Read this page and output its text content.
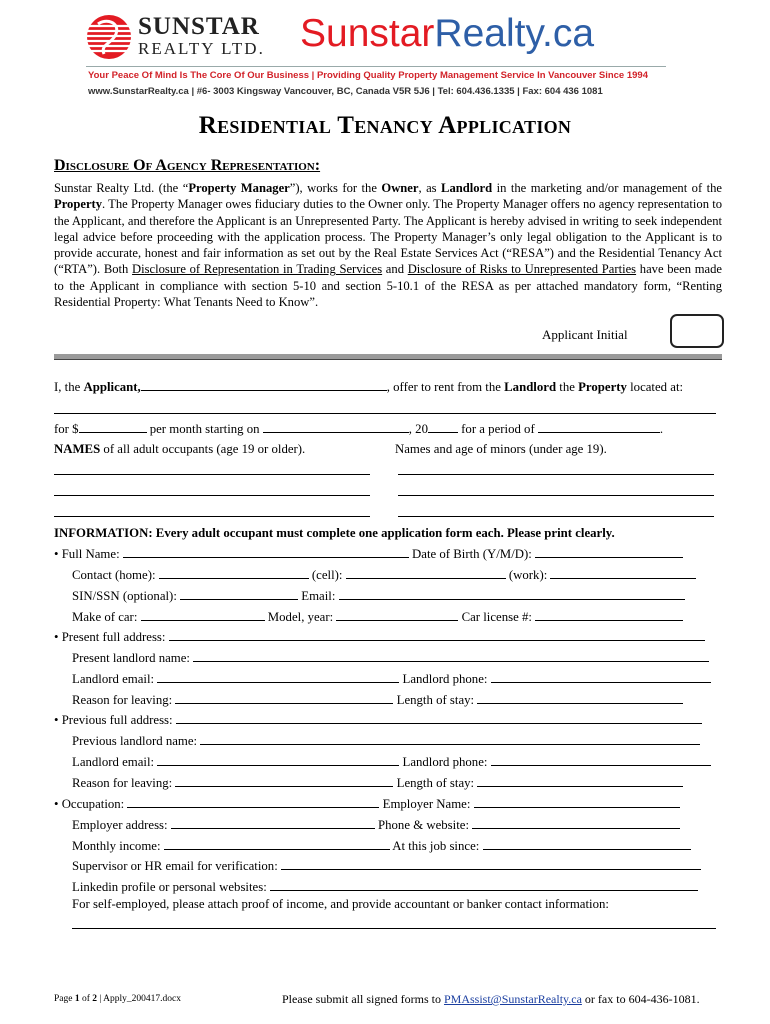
SUNSTAR
REALTY LTD. SunstarRealty.ca
Your Peace Of Mind Is The Core Of Our Business | Providing Quality Property Management Service In Vancouver Since 1994
www.SunstarRealty.ca | #6- 3003 Kingsway Vancouver, BC, Canada V5R 5J6 | Tel: 604.436.1335 | Fax: 604 436 1081
Residential Tenancy Application
Disclosure Of Agency Representation:
Sunstar Realty Ltd. (the “Property Manager”), works for the Owner, as Landlord in the marketing and/or management of the Property. The Property Manager owes fiduciary duties to the Owner only. The Property Manager offers no agency representation to the Applicant, and therefore the Applicant is an Unrepresented Party. The Applicant is hereby advised in writing to seek independent legal advice before proceeding with the application process. The Property Manager’s only legal obligation to the Applicant is to provide accurate, honest and fair information as set out by the Real Estate Services Act (“RESA”) and the Residential Tenancy Act (“RTA”). Both Disclosure of Representation in Trading Services and Disclosure of Risks to Unrepresented Parties have been made to the Applicant in compliance with section 5-10 and section 5-10.1 of the RESA as per attached mandatory form, “Renting Residential Property: What Tenants Need to Know”.
Applicant Initial
I, the Applicant,	, offer to rent from the Landlord the Property located at:
for $	per month starting on	, 20 for a period of	.
NAMES of all adult occupants (age 19 or older).	Names and age of minors (under age 19).
INFORMATION: Every adult occupant must complete one application form each. Please print clearly.
• Full Name:	Date of Birth (Y/M/D):
Contact (home):	(cell):	(work):
SIN/SSN (optional):	Email:
Make of car:	Model, year:	Car license #:
• Present full address:
Present landlord name:
Landlord email:	Landlord phone:
Reason for leaving:	Length of stay:
• Previous full address:
Previous landlord name:
Landlord email:	Landlord phone:
Reason for leaving:	Length of stay:
• Occupation:	Employer Name:
Employer address:	Phone & website:
Monthly income:	At this job since:
Supervisor or HR email for verification:
Linkedin profile or personal websites:
For self-employed, please attach proof of income, and provide accountant or banker contact information:
Page 1 of 2 | Apply_200417.docx	Please submit all signed forms to PMAssist@SunstarRealty.ca or fax to 604-436-1081.
